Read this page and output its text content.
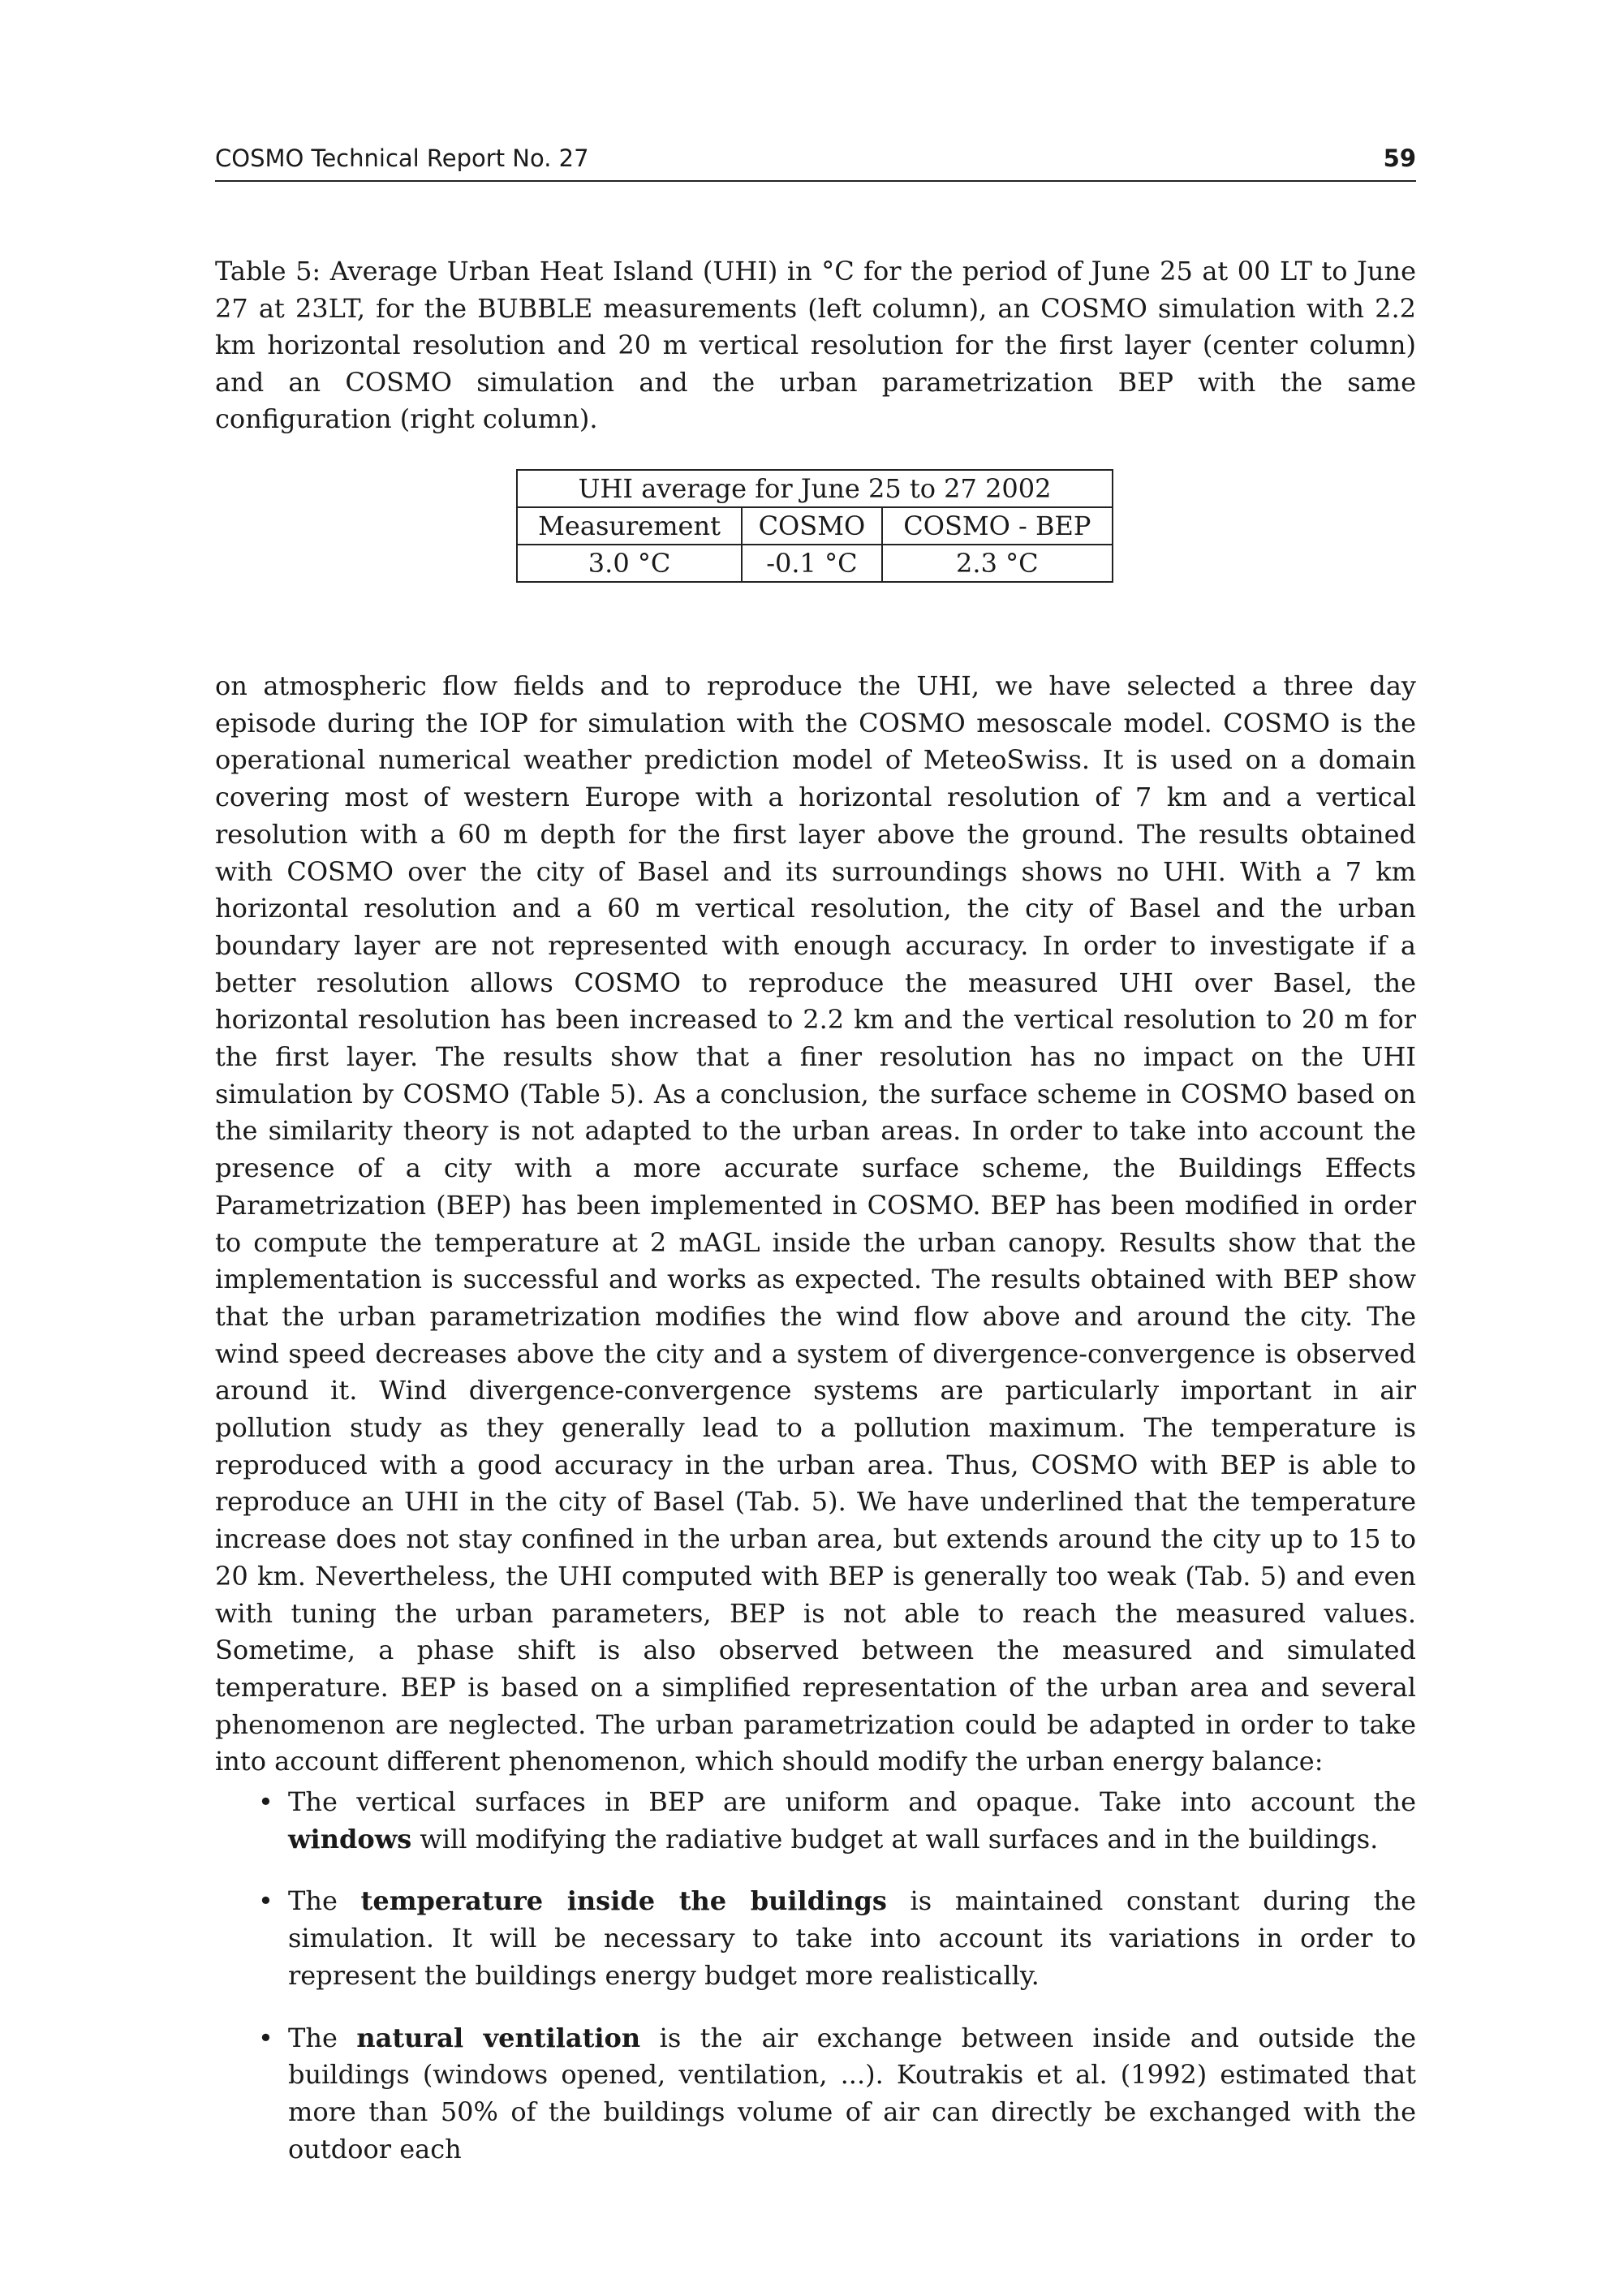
COSMO Technical Report No. 27	59
Table 5: Average Urban Heat Island (UHI) in °C for the period of June 25 at 00 LT to June 27 at 23LT, for the BUBBLE measurements (left column), an COSMO simulation with 2.2 km horizontal resolution and 20 m vertical resolution for the first layer (center column) and an COSMO simulation and the urban parametrization BEP with the same configuration (right column).
UHI average for June 25 to 27 2002		
Measurement	COSMO	COSMO - BEP
3.0 °C	-0.1 °C	2.3 °C
on atmospheric flow fields and to reproduce the UHI, we have selected a three day episode during the IOP for simulation with the COSMO mesoscale model. COSMO is the operational numerical weather prediction model of MeteoSwiss. It is used on a domain covering most of western Europe with a horizontal resolution of 7 km and a vertical resolution with a 60 m depth for the first layer above the ground. The results obtained with COSMO over the city of Basel and its surroundings shows no UHI. With a 7 km horizontal resolution and a 60 m vertical resolution, the city of Basel and the urban boundary layer are not represented with enough accuracy. In order to investigate if a better resolution allows COSMO to reproduce the measured UHI over Basel, the horizontal resolution has been increased to 2.2 km and the vertical resolution to 20 m for the first layer. The results show that a finer resolution has no impact on the UHI simulation by COSMO (Table 5). As a conclusion, the surface scheme in COSMO based on the similarity theory is not adapted to the urban areas. In order to take into account the presence of a city with a more accurate surface scheme, the Buildings Effects Parametrization (BEP) has been implemented in COSMO. BEP has been modified in order to compute the temperature at 2 mAGL inside the urban canopy. Results show that the implementation is successful and works as expected. The results obtained with BEP show that the urban parametrization modifies the wind flow above and around the city. The wind speed decreases above the city and a system of divergence-convergence is observed around it. Wind divergence-convergence systems are particularly important in air pollution study as they generally lead to a pollution maximum. The temperature is reproduced with a good accuracy in the urban area. Thus, COSMO with BEP is able to reproduce an UHI in the city of Basel (Tab. 5). We have underlined that the temperature increase does not stay confined in the urban area, but extends around the city up to 15 to 20 km. Nevertheless, the UHI computed with BEP is generally too weak (Tab. 5) and even with tuning the urban parameters, BEP is not able to reach the measured values. Sometime, a phase shift is also observed between the measured and simulated temperature. BEP is based on a simplified representation of the urban area and several phenomenon are neglected. The urban parametrization could be adapted in order to take into account different phenomenon, which should modify the urban energy balance:
• The vertical surfaces in BEP are uniform and opaque. Take into account the windows will modifying the radiative budget at wall surfaces and in the buildings.
• The temperature inside the buildings is maintained constant during the simulation. It will be necessary to take into account its variations in order to represent the buildings energy budget more realistically.
• The natural ventilation is the air exchange between inside and outside the buildings (windows opened, ventilation, ...). Koutrakis et al. (1992) estimated that more than 50% of the buildings volume of air can directly be exchanged with the outdoor each
